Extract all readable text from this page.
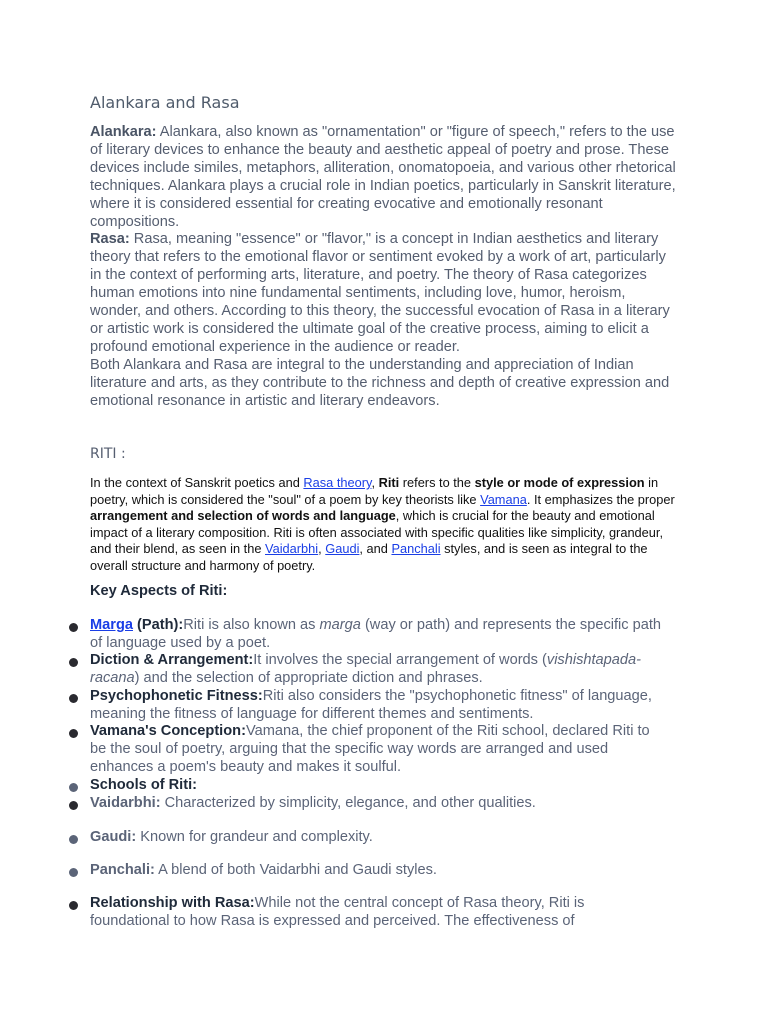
Alankara and Rasa

Alankara: Alankara, also known as "ornamentation" or "figure of speech," refers to the use of literary devices to enhance the beauty and aesthetic appeal of poetry and prose. These devices include similes, metaphors, alliteration, onomatopoeia, and various other rhetorical techniques. Alankara plays a crucial role in Indian poetics, particularly in Sanskrit literature, where it is considered essential for creating evocative and emotionally resonant compositions.

Rasa: Rasa, meaning "essence" or "flavor," is a concept in Indian aesthetics and literary theory that refers to the emotional flavor or sentiment evoked by a work of art, particularly in the context of performing arts, literature, and poetry. The theory of Rasa categorizes human emotions into nine fundamental sentiments, including love, humor, heroism, wonder, and others. According to this theory, the successful evocation of Rasa in a literary or artistic work is considered the ultimate goal of the creative process, aiming to elicit a profound emotional experience in the audience or reader.

Both Alankara and Rasa are integral to the understanding and appreciation of Indian literature and arts, as they contribute to the richness and depth of creative expression and emotional resonance in artistic and literary endeavors.

RITI :

In the context of Sanskrit poetics and Rasa theory, Riti refers to the style or mode of expression in poetry, which is considered the "soul" of a poem by key theorists like Vamana. It emphasizes the proper arrangement and selection of words and language, which is crucial for the beauty and emotional impact of a literary composition. Riti is often associated with specific qualities like simplicity, grandeur, and their blend, as seen in the Vaidarbhi, Gaudi, and Panchali styles, and is seen as integral to the overall structure and harmony of poetry.

Key Aspects of Riti:
Marga (Path):Riti is also known as marga (way or path) and represents the specific path of language used by a poet.
Diction & Arrangement:It involves the special arrangement of words (vishishtapada-racana) and the selection of appropriate diction and phrases.
Psychophonetic Fitness:Riti also considers the "psychophonetic fitness" of language, meaning the fitness of language for different themes and sentiments.
Vamana's Conception:Vamana, the chief proponent of the Riti school, declared Riti to be the soul of poetry, arguing that the specific way words are arranged and used enhances a poem's beauty and makes it soulful.
Schools of Riti:
Vaidarbhi: Characterized by simplicity, elegance, and other qualities.
Gaudi: Known for grandeur and complexity.
Panchali: A blend of both Vaidarbhi and Gaudi styles.
Relationship with Rasa:While not the central concept of Rasa theory, Riti is foundational to how Rasa is expressed and perceived. The effectiveness of
